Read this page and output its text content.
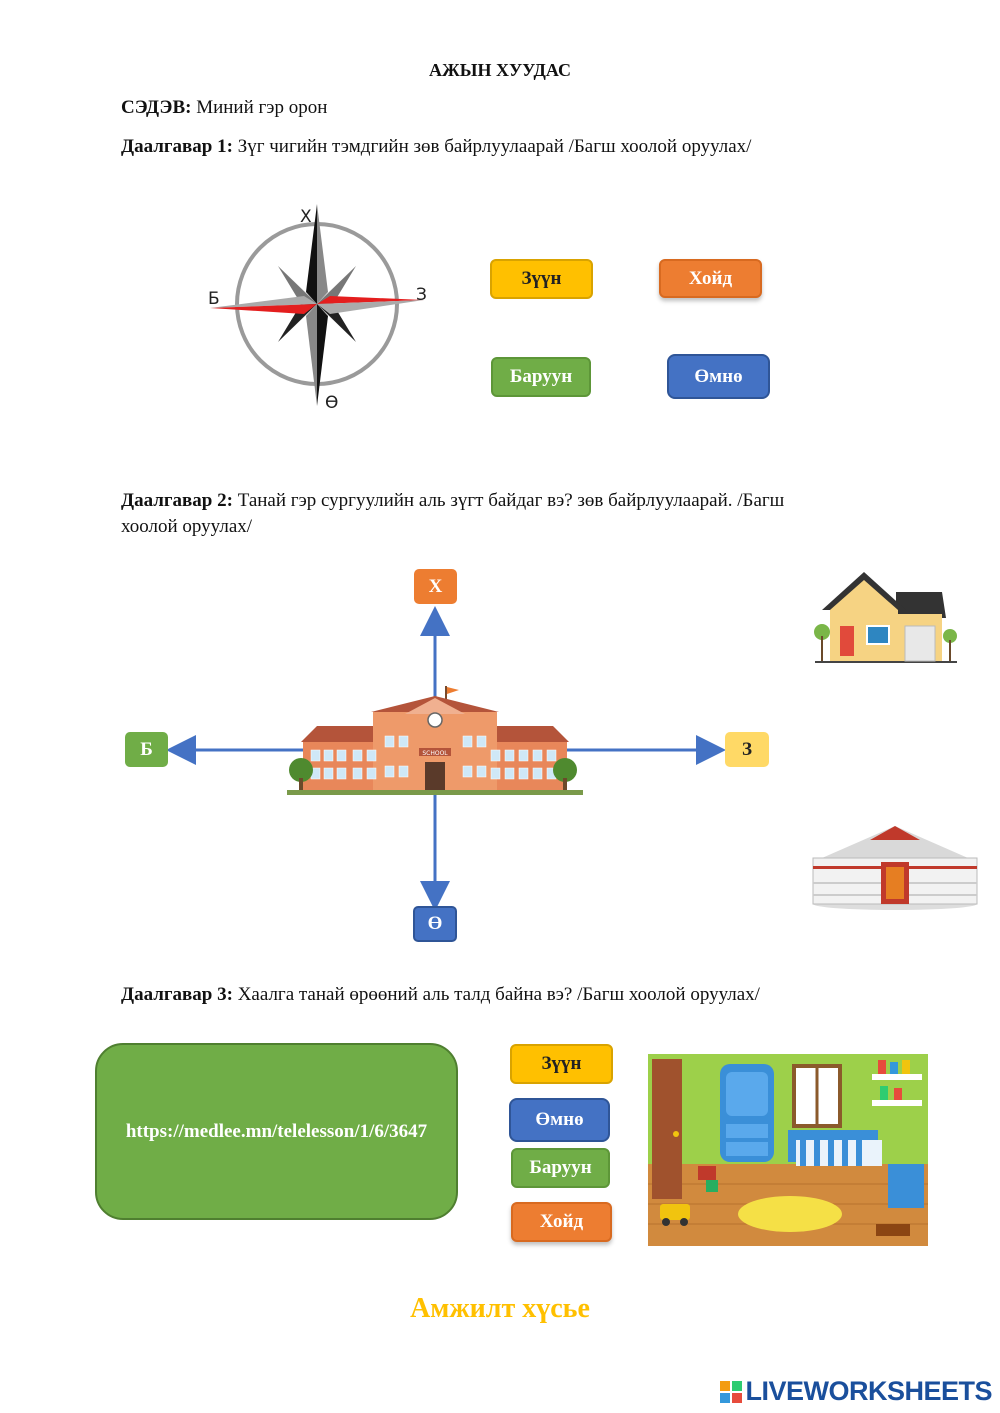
АЖЫН ХУУДАС
СЭДЭВ: Миний гэр орон
Даалгавар 1: Зүг чигийн тэмдгийн зөв байрлуулаарай /Багш хоолой оруулах/
Х
Ө
Б	З
Зүүн	Хойд
Баруун	Өмнө
Даалгавар 2: Танай гэр сургуулийн аль зүгт байдаг вэ? зөв байрлуулаарай. /Багш
хоолой оруулах/
Х
Ө
Б	З
SCHOOL
Даалгавар 3: Хаалга танай өрөөний аль талд байна вэ? /Багш хоолой оруулах/
https://medlee.mn/telelesson/1/6/3647
Зүүн
Өмнө
Баруун
Хойд
Амжилт хүсье
LIVEWORKSHEETS
